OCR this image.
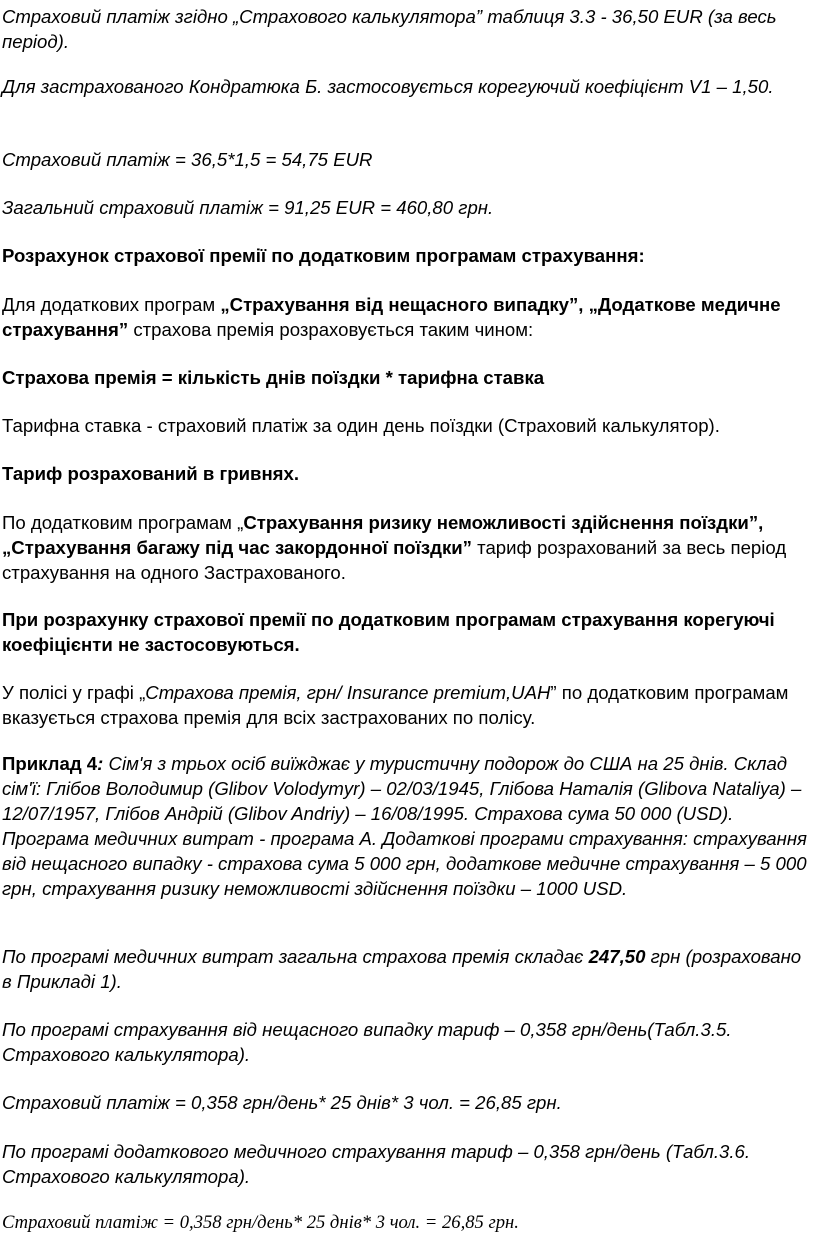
Страховий платіж згідно „Страхового калькулятора” таблиця 3.3 - 36,50 EUR (за весь період).

Для застрахованого Кондратюка Б. застосовується корегуючий коефіцієнт V1 – 1,50.

Страховий платіж = 36,5*1,5 = 54,75 EUR

Загальний страховий платіж = 91,25 EUR = 460,80 грн.

Розрахунок страхової премії по додатковим програмам страхування:

Для додаткових програм „Страхування від нещасного випадку”, „Додаткове медичне страхування” страхова премія розраховується таким чином:

Страхова премія = кількість днів поїздки * тарифна ставка

Тарифна ставка - страховий платіж за один день поїздки (Страховий калькулятор).

Тариф розрахований в гривнях.

По додатковим програмам „Страхування ризику неможливості здійснення поїздки”, „Страхування багажу під час закордонної поїздки” тариф розрахований за весь період страхування на одного Застрахованого.

При розрахунку страхової премії по додатковим програмам страхування корегуючі коефіцієнти не застосовуються.

У полісі у графі „Страхова премія, грн/ Insurance premium,UAH” по додатковим програмам вказується страхова премія для всіх застрахованих по полісу.

Приклад 4: Сім'я з трьох осіб виїжджає у туристичну подорож до США на 25 днів. Склад сім'ї: Глібов Володимир (Glibov Volodymyr) – 02/03/1945, Глібова Наталія (Glibova Nataliya) – 12/07/1957, Глібов Андрій (Glibov Andriy) – 16/08/1995. Страхова сума 50 000 (USD). Програма медичних витрат - програма А. Додаткові програми страхування: страхування від нещасного випадку - страхова сума 5 000 грн, додаткове медичне страхування – 5 000 грн, страхування ризику неможливості здійснення поїздки – 1000 USD.

По програмі медичних витрат загальна страхова премія складає 247,50 грн (розраховано в Прикладі 1).

По програмі страхування від нещасного випадку тариф – 0,358 грн/день(Табл.3.5. Страхового калькулятора).

Страховий платіж = 0,358 грн/день* 25 днів* 3 чол. = 26,85 грн.

По програмі додаткового медичного страхування тариф – 0,358 грн/день (Табл.3.6. Страхового калькулятора).

Страховий платіж = 0,358 грн/день* 25 днів* 3 чол. = 26,85 грн.
